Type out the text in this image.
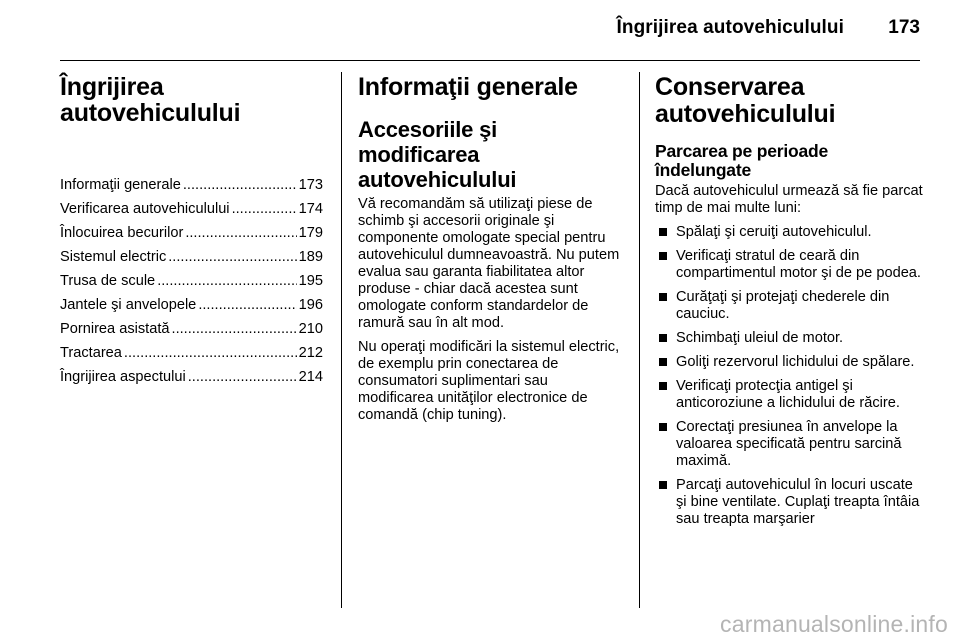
Îngrijirea autovehiculului 173
Îngrijirea
autovehiculului
Informaţii generale .....	173
Verificarea autovehiculului .....	174
Înlocuirea becurilor .....	179
Sistemul electric .....	189
Trusa de scule .....	195
Jantele şi anvelopele .....	196
Pornirea asistată .....	210
Tractarea .....	212
Îngrijirea aspectului .....	214
Informaţii generale
Accesoriile şi modificarea
autovehiculului

Vă recomandăm să utilizaţi piese de schimb şi accesorii originale şi componente omologate special pentru autovehiculul dumneavoastră. Nu putem evalua sau garanta fiabilitatea altor produse - chiar dacă acestea sunt omologate conform standardelor de ramură sau în alt mod.

Nu operaţi modificări la sistemul electric, de exemplu prin conectarea de consumatori suplimentari sau modificarea unităţilor electronice de comandă (chip tuning).

Conservarea
autovehiculului
Parcarea pe perioade
îndelungate

Dacă autovehiculul urmează să fie parcat timp de mai multe luni:

Spălaţi şi ceruiţi autovehiculul.
Verificaţi stratul de ceară din compartimentul motor şi de pe podea.
Curăţaţi şi protejaţi chederele din cauciuc.
Schimbaţi uleiul de motor.
Goliţi rezervorul lichidului de spălare.
Verificaţi protecţia antigel şi anticoroziune a lichidului de răcire.
Corectaţi presiunea în anvelope la valoarea specificată pentru sarcină maximă.
Parcaţi autovehiculul în locuri uscate şi bine ventilate. Cuplaţi treapta întâia sau treapta marşarier
carmanualsonline.info
